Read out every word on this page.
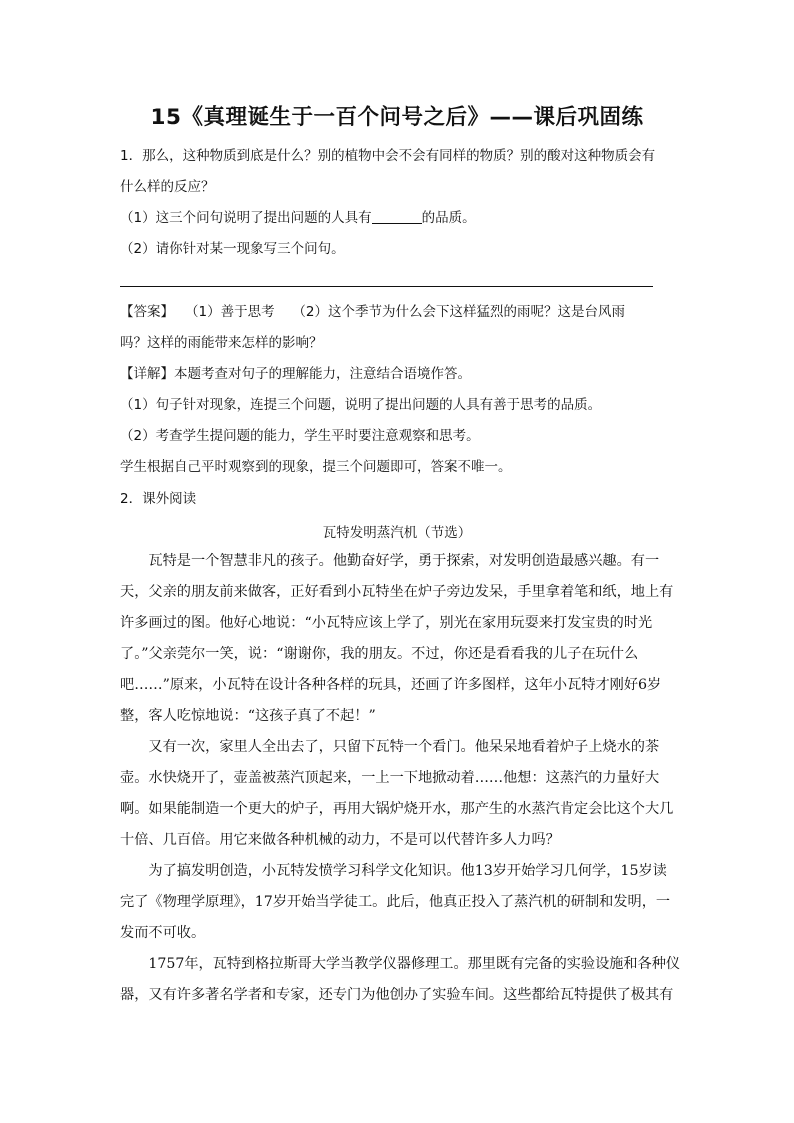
15《真理诞生于一百个问号之后》——课后巩固练
1．那么，这种物质到底是什么？别的植物中会不会有同样的物质？别的酸对这种物质会有
什么样的反应？
（1）这三个问句说明了提出问题的人具有	的品质。
（2）请你针对某一现象写三个问句。
【答案】　 （1）善于思考　 （2）这个季节为什么会下这样猛烈的雨呢？这是台风雨
吗？这样的雨能带来怎样的影响？
【详解】本题考查对句子的理解能力，注意结合语境作答。
（1）句子针对现象，连提三个问题，说明了提出问题的人具有善于思考的品质。
（2）考查学生提问题的能力，学生平时要注意观察和思考。
学生根据自己平时观察到的现象，提三个问题即可，答案不唯一。
2．课外阅读
瓦特发明蒸汽机（节选）
　　瓦特是一个智慧非凡的孩子。他勤奋好学，勇于探索，对发明创造最感兴趣。有一
天，父亲的朋友前来做客，正好看到小瓦特坐在炉子旁边发呆，手里拿着笔和纸，地上有
许多画过的图。他好心地说：“小瓦特应该上学了，别光在家用玩耍来打发宝贵的时光
了。”父亲莞尔一笑，说：“谢谢你，我的朋友。不过，你还是看看我的儿子在玩什么
吧……”原来，小瓦特在设计各种各样的玩具，还画了许多图样，这年小瓦特才刚好6岁
整，客人吃惊地说：“这孩子真了不起！”
　　又有一次，家里人全出去了，只留下瓦特一个看门。他呆呆地看着炉子上烧水的茶
壶。水快烧开了，壶盖被蒸汽顶起来，一上一下地掀动着……他想：这蒸汽的力量好大
啊。如果能制造一个更大的炉子，再用大锅炉烧开水，那产生的水蒸汽肯定会比这个大几
十倍、几百倍。用它来做各种机械的动力，不是可以代替许多人力吗？
　　为了搞发明创造，小瓦特发愤学习科学文化知识。他13岁开始学习几何学，15岁读
完了《物理学原理》，17岁开始当学徒工。此后，他真正投入了蒸汽机的研制和发明，一
发而不可收。
　　1757年，瓦特到格拉斯哥大学当教学仪器修理工。那里既有完备的实验设施和各种仪
器，又有许多著名学者和专家，还专门为他创办了实验车间。这些都给瓦特提供了极其有
